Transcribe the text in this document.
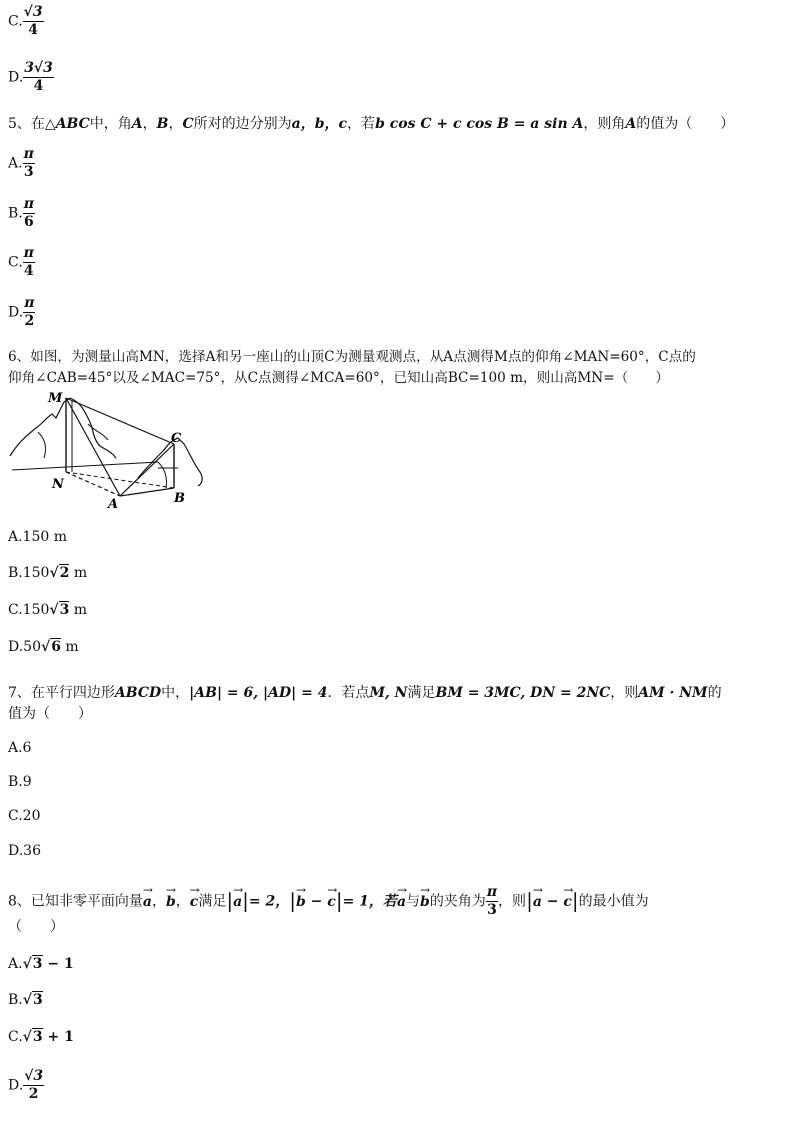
C. $\frac{√3}{4}$
D. $\frac{3√3}{4}$
5、在△ABC中，角A，B，C所对的边分别为a，b，c，若b cos C + c cos B = a sin A，则角A的值为（　　）
A. $\frac{\pi}{3}$
B. $\frac{\pi}{6}$
C. $\frac{\pi}{4}$
D. $\frac{\pi}{2}$
6、如图，为测量山高MN，选择A和另一座山的山顶C为测量观测点，从A点测得M点的仰角∠MAN=60°，C点的
仰角∠CAB=45°以及∠MAC=75°，从C点测得∠MCA=60°，已知山高BC=100 m，则山高MN=（　　）
M
C
N
A	B
A.150 m
B.150√2 m
C.150√3 m
D.50√6 m
7、在平行四边形ABCD中，|AB| = 6, |AD| = 4．若点M, N满足BM = 3MC, DN = 2NC，则AM · NM的
值为（　　）
A.6
B.9
C.20
D.36
8、已知非零平面向量→ a，→ b，→ c满足|→ a|= 2，|→ b − → c|= 1，若→ a与→ b的夹角为 $\frac{\pi}{3}$ ，则|→ a − → c|的最小值为
（　　）
A.√3 − 1
B.√3
C.√3 + 1
D. $\frac{√3}{2}$
